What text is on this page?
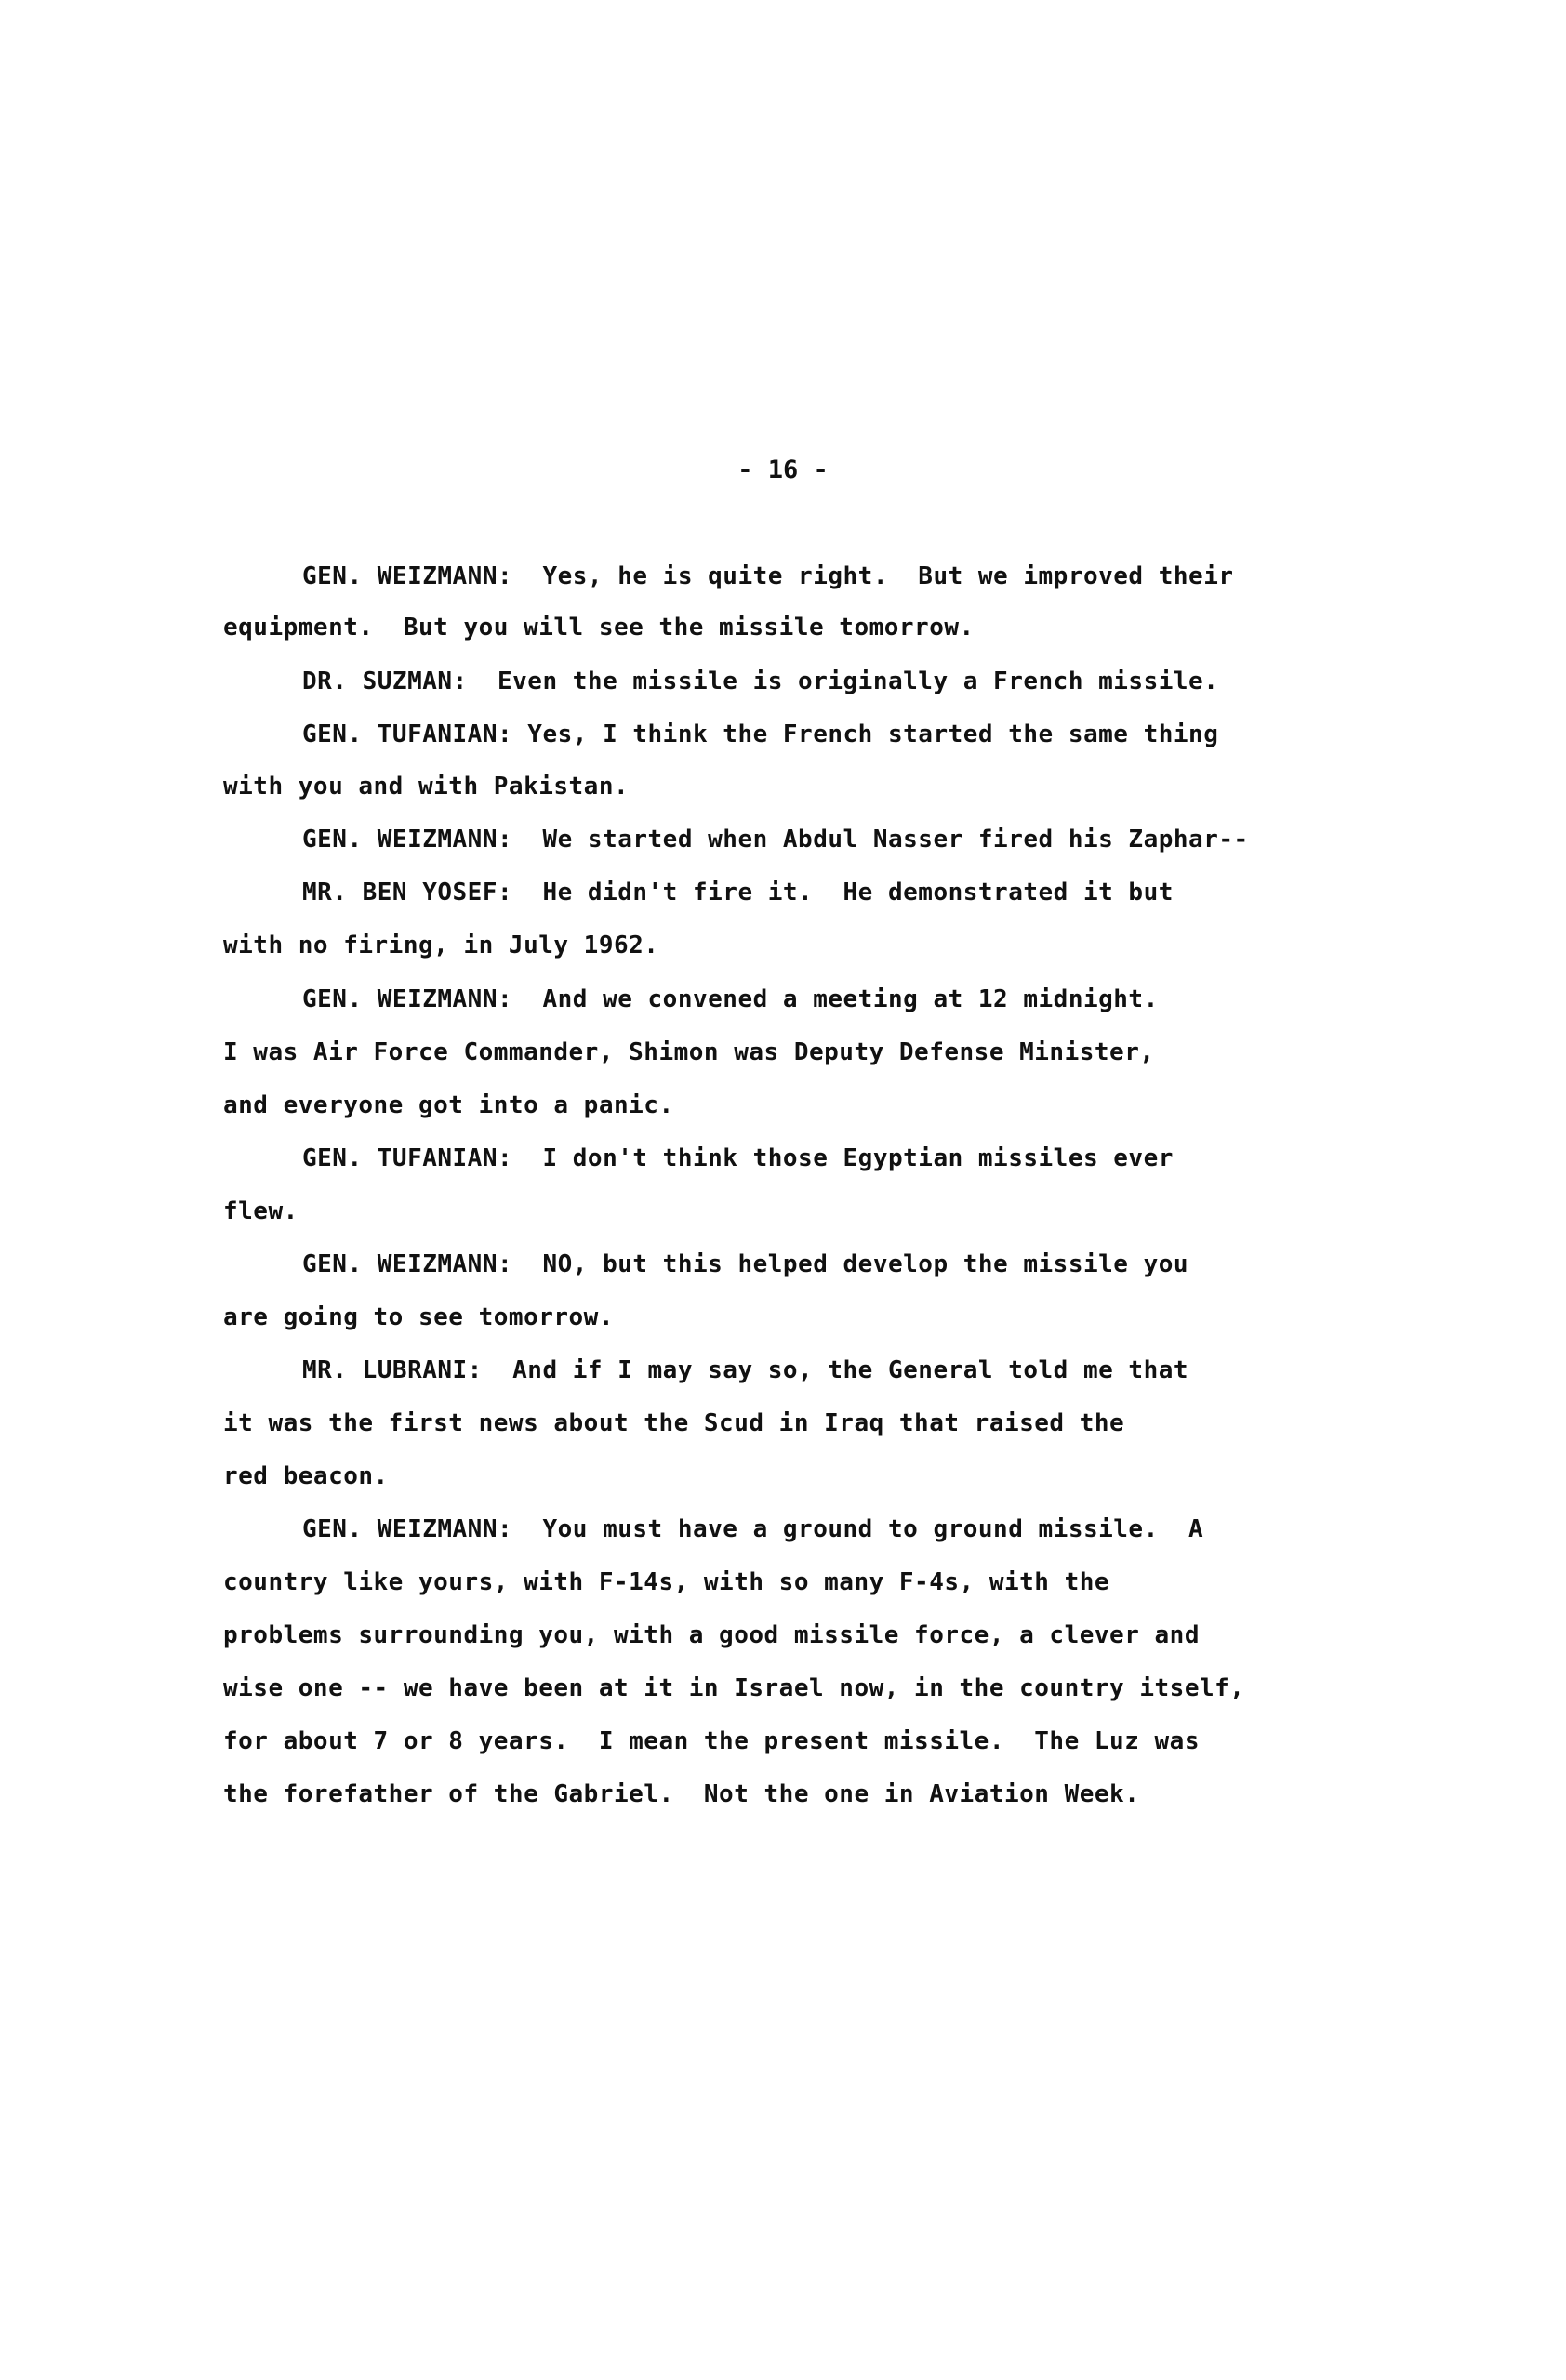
- 16 -
GEN. WEIZMANN:  Yes, he is quite right.  But we improved their
equipment.  But you will see the missile tomorrow.
DR. SUZMAN:  Even the missile is originally a French missile.
GEN. TUFANIAN: Yes, I think the French started the same thing
with you and with Pakistan.
GEN. WEIZMANN:  We started when Abdul Nasser fired his Zaphar--
MR. BEN YOSEF:  He didn't fire it.  He demonstrated it but
with no firing, in July 1962.
GEN. WEIZMANN:  And we convened a meeting at 12 midnight.
I was Air Force Commander, Shimon was Deputy Defense Minister,
and everyone got into a panic.
GEN. TUFANIAN:  I don't think those Egyptian missiles ever
flew.
GEN. WEIZMANN:  NO, but this helped develop the missile you
are going to see tomorrow.
MR. LUBRANI:  And if I may say so, the General told me that
it was the first news about the Scud in Iraq that raised the
red beacon.
GEN. WEIZMANN:  You must have a ground to ground missile.  A
country like yours, with F-14s, with so many F-4s, with the
problems surrounding you, with a good missile force, a clever and
wise one -- we have been at it in Israel now, in the country itself,
for about 7 or 8 years.  I mean the present missile.  The Luz was
the forefather of the Gabriel.  Not the one in Aviation Week.
